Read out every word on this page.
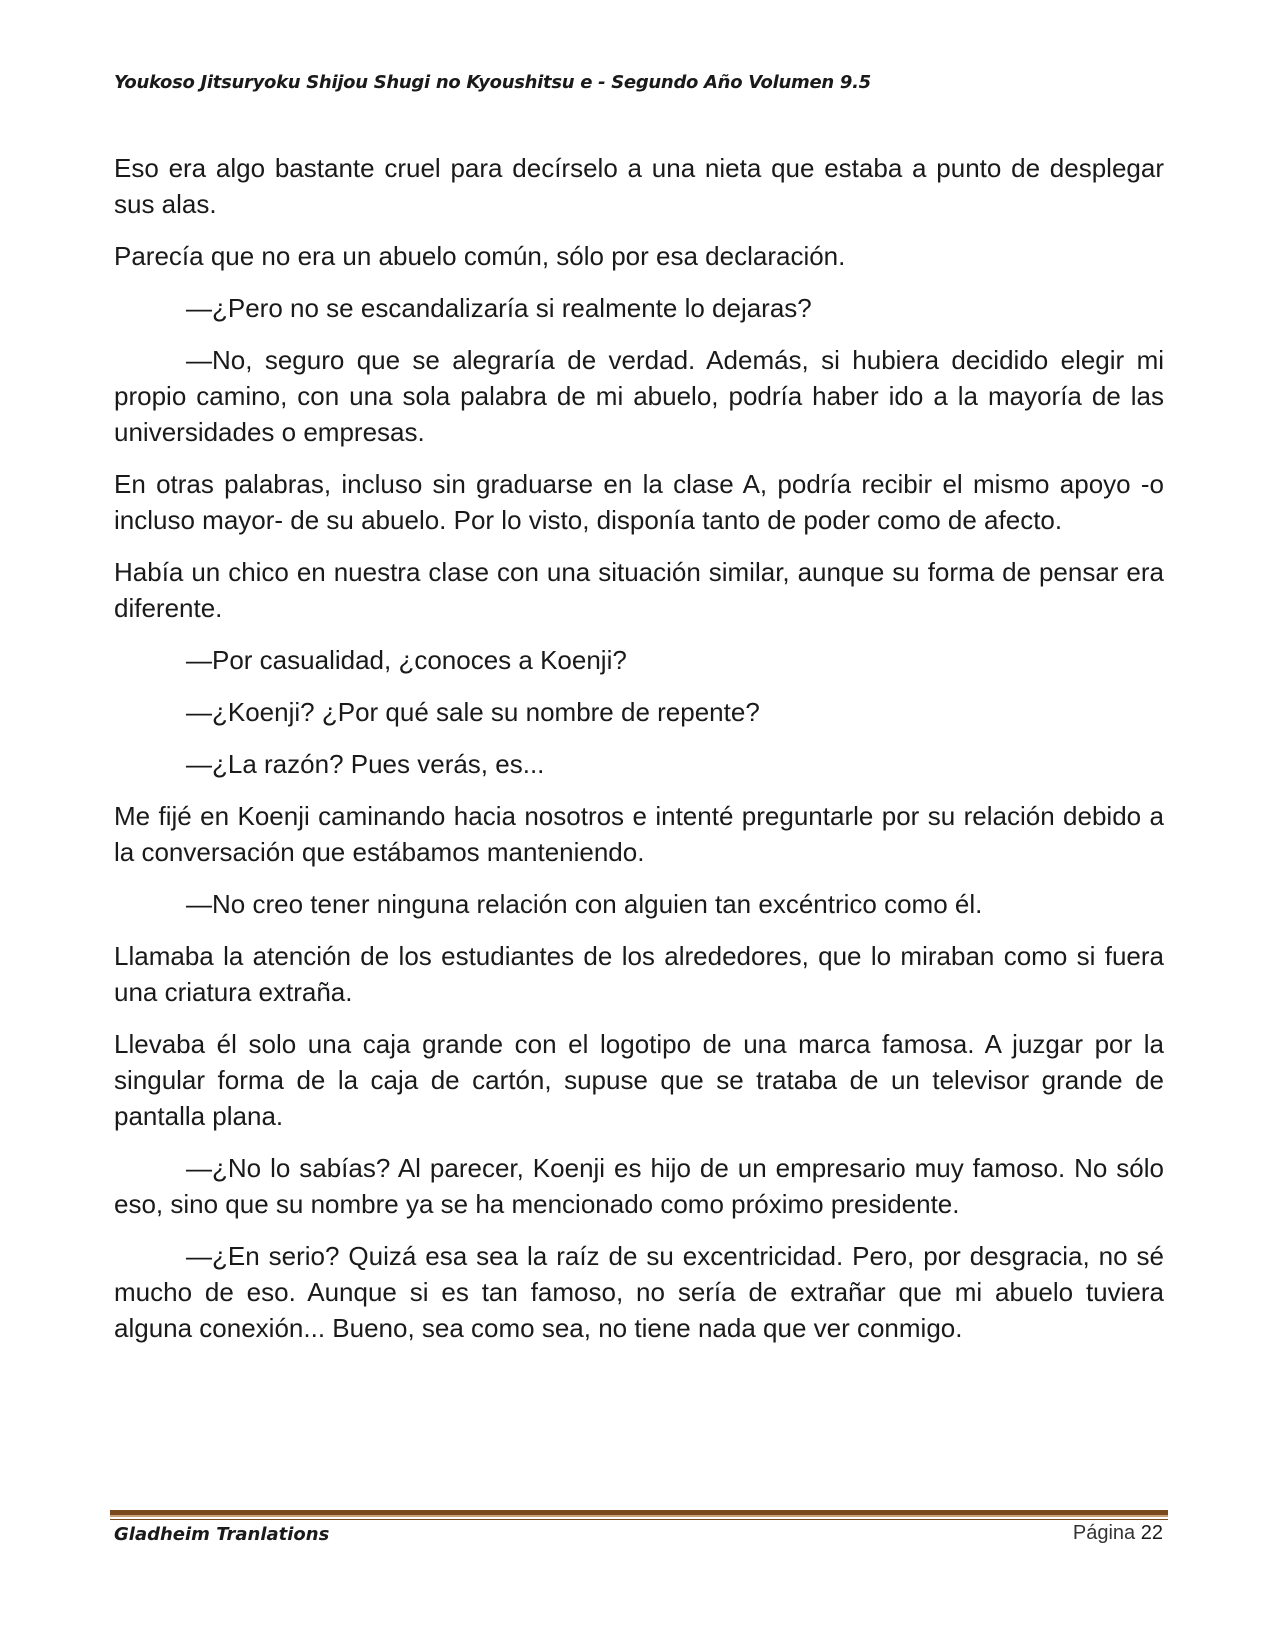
Youkoso Jitsuryoku Shijou Shugi no Kyoushitsu e - Segundo Año Volumen 9.5

Eso era algo bastante cruel para decírselo a una nieta que estaba a punto de desplegar sus alas.

Parecía que no era un abuelo común, sólo por esa declaración.

—¿Pero no se escandalizaría si realmente lo dejaras?

—No, seguro que se alegraría de verdad. Además, si hubiera decidido elegir mi propio camino, con una sola palabra de mi abuelo, podría haber ido a la mayoría de las universidades o empresas.

En otras palabras, incluso sin graduarse en la clase A, podría recibir el mismo apoyo -o incluso mayor- de su abuelo. Por lo visto, disponía tanto de poder como de afecto.

Había un chico en nuestra clase con una situación similar, aunque su forma de pensar era diferente.

—Por casualidad, ¿conoces a Koenji?

—¿Koenji? ¿Por qué sale su nombre de repente?

—¿La razón? Pues verás, es...

Me fijé en Koenji caminando hacia nosotros e intenté preguntarle por su relación debido a la conversación que estábamos manteniendo.

—No creo tener ninguna relación con alguien tan excéntrico como él.

Llamaba la atención de los estudiantes de los alrededores, que lo miraban como si fuera una criatura extraña.

Llevaba él solo una caja grande con el logotipo de una marca famosa. A juzgar por la singular forma de la caja de cartón, supuse que se trataba de un televisor grande de pantalla plana.

—¿No lo sabías? Al parecer, Koenji es hijo de un empresario muy famoso. No sólo eso, sino que su nombre ya se ha mencionado como próximo presidente.

—¿En serio? Quizá esa sea la raíz de su excentricidad. Pero, por desgracia, no sé mucho de eso. Aunque si es tan famoso, no sería de extrañar que mi abuelo tuviera alguna conexión... Bueno, sea como sea, no tiene nada que ver conmigo.

Gladheim Tranlations	Página 22
